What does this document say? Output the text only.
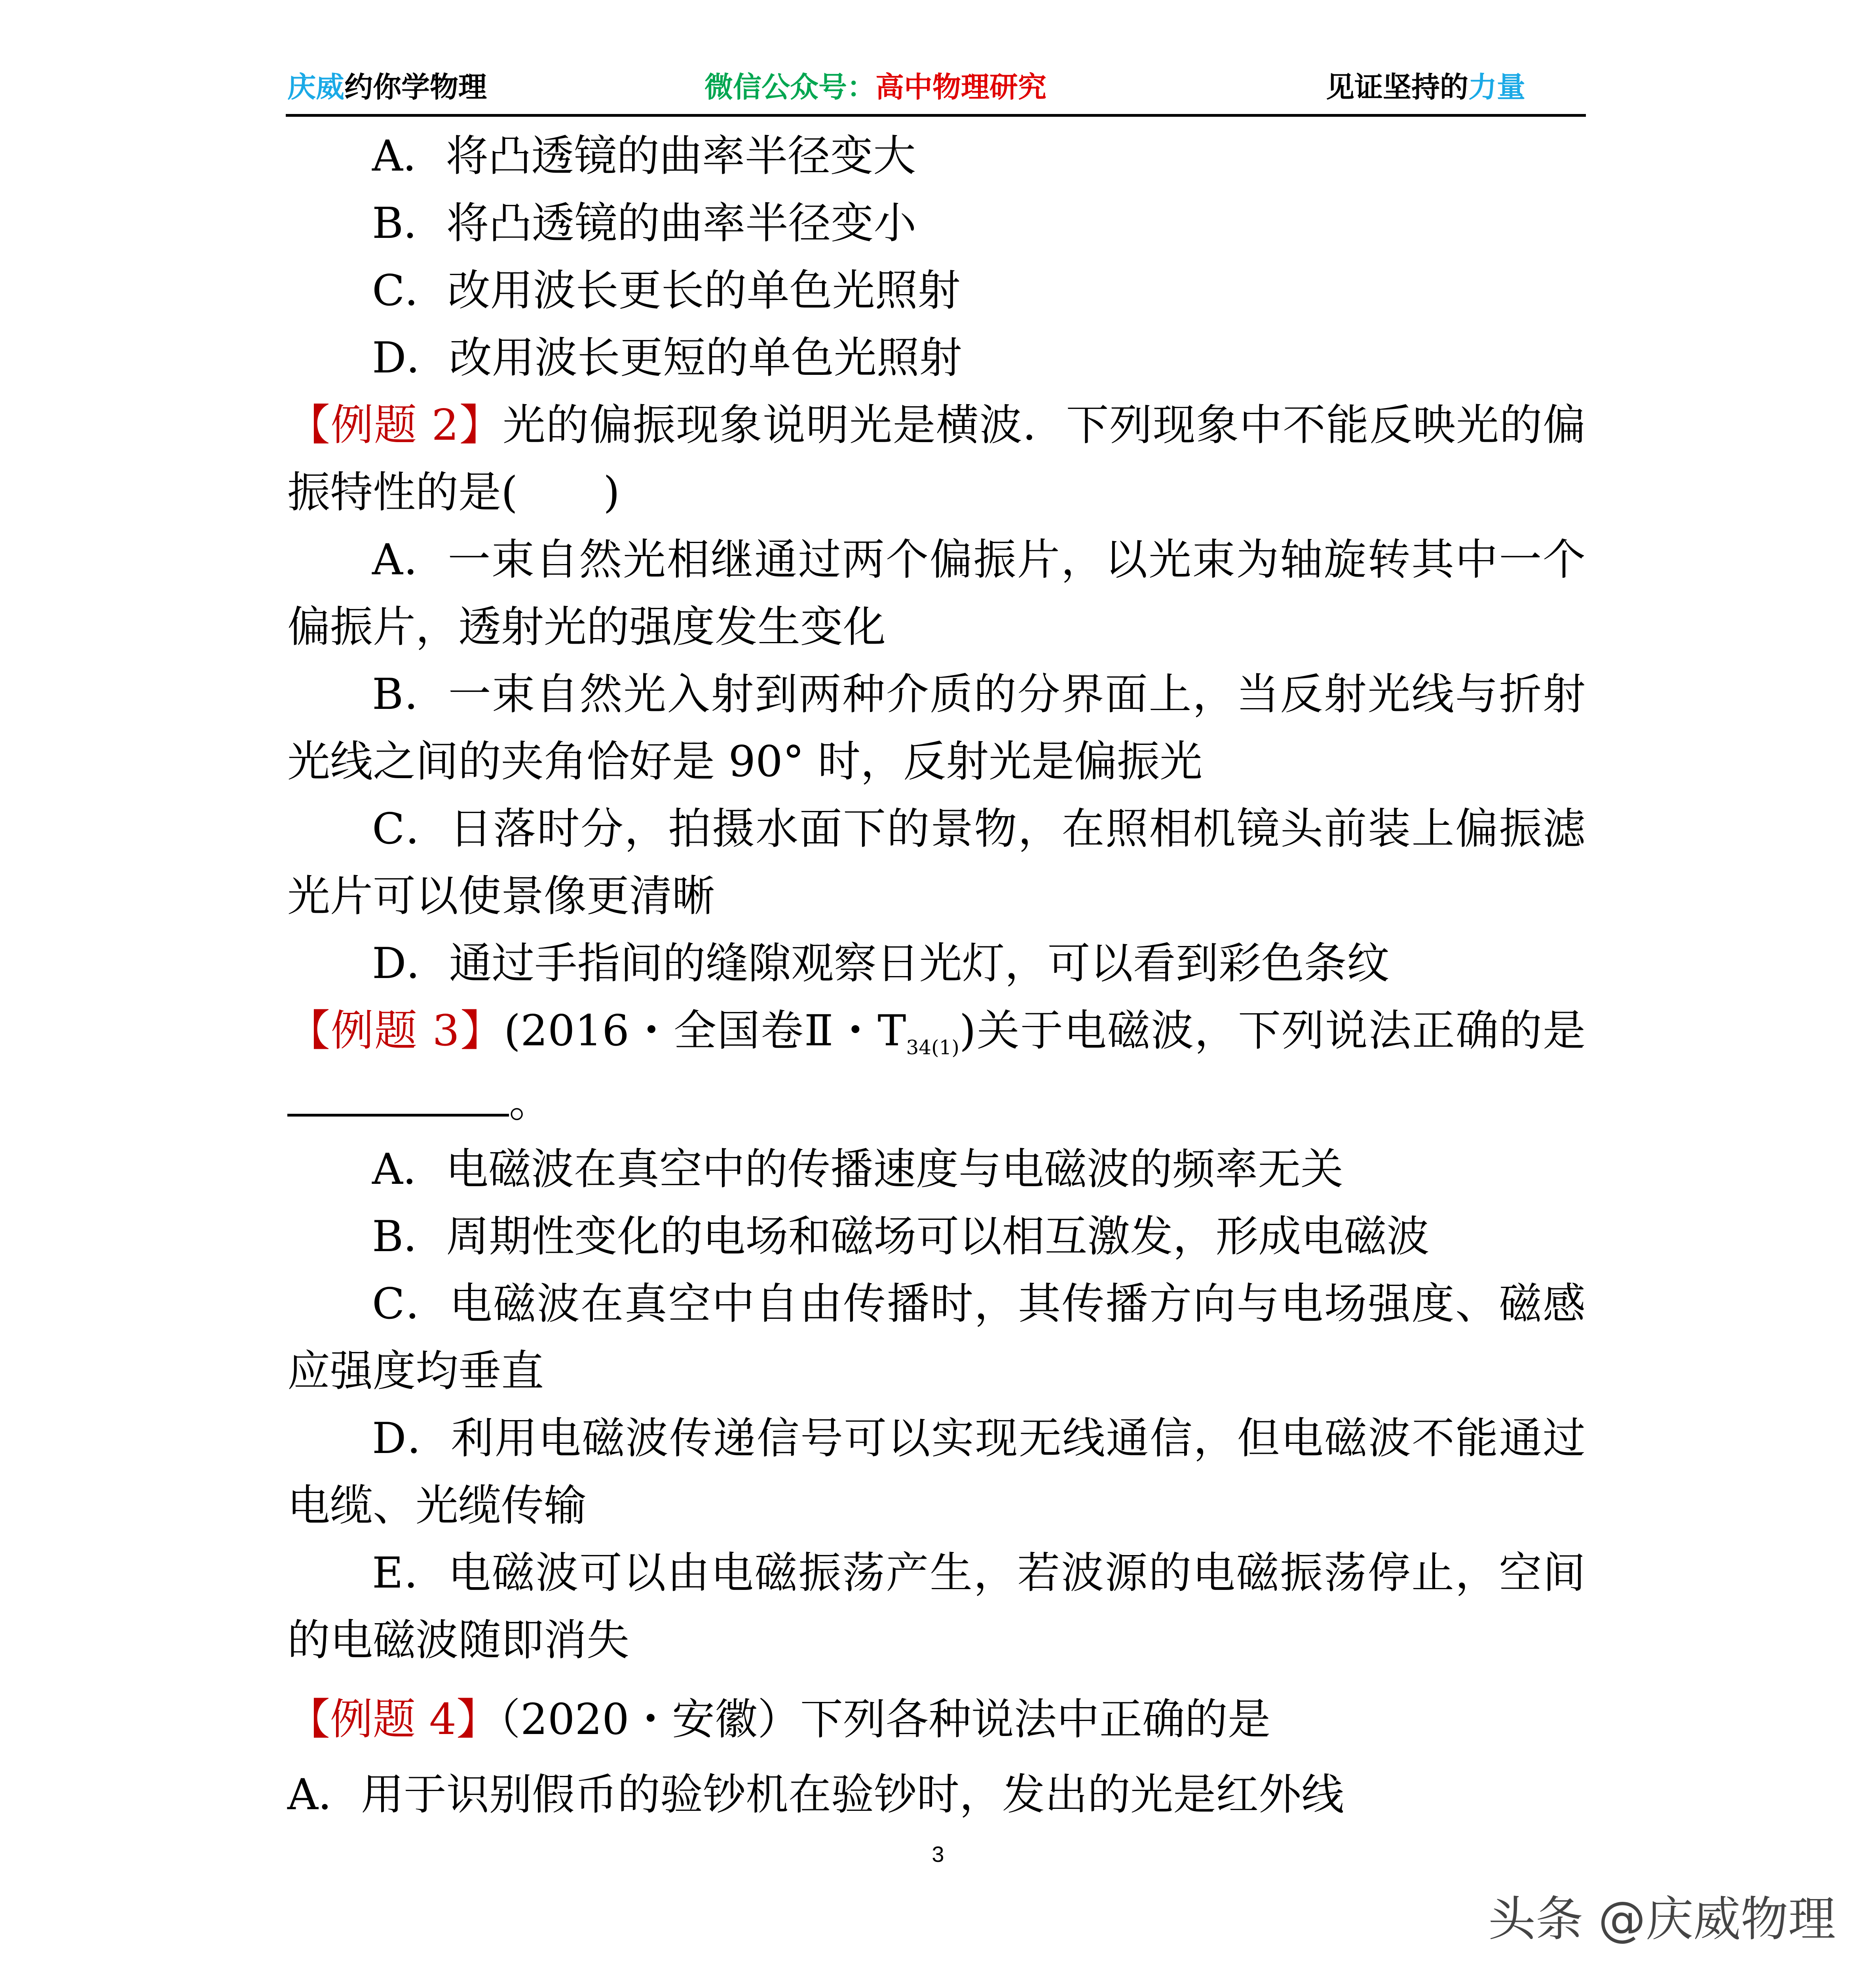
庆威约你学物理	微信公众号：高中物理研究	见证坚持的力量
A．将凸透镜的曲率半径变大
B．将凸透镜的曲率半径变小
C．改用波长更长的单色光照射
D．改用波长更短的单色光照射
【例题 2】光的偏振现象说明光是横波．下列现象中不能反映光的偏
振特性的是(　　)
A．一束自然光相继通过两个偏振片，以光束为轴旋转其中一个
偏振片，透射光的强度发生变化
B．一束自然光入射到两种介质的分界面上，当反射光线与折射
光线之间的夹角恰好是 90° 时，反射光是偏振光
C．日落时分，拍摄水面下的景物，在照相机镜头前装上偏振滤
光片可以使景像更清晰
D．通过手指间的缝隙观察日光灯，可以看到彩色条纹
【例题 3】(2016・全国卷Ⅱ・$T_{34(1)}$)关于电磁波，下列说法正确的是
。
A．电磁波在真空中的传播速度与电磁波的频率无关
B．周期性变化的电场和磁场可以相互激发，形成电磁波
C．电磁波在真空中自由传播时，其传播方向与电场强度、磁感
应强度均垂直
D．利用电磁波传递信号可以实现无线通信，但电磁波不能通过
电缆、光缆传输
E．电磁波可以由电磁振荡产生，若波源的电磁振荡停止，空间
的电磁波随即消失
【例题 4】（2020・安徽）下列各种说法中正确的是
A．用于识别假币的验钞机在验钞时，发出的光是红外线
3
头条 @庆威物理
